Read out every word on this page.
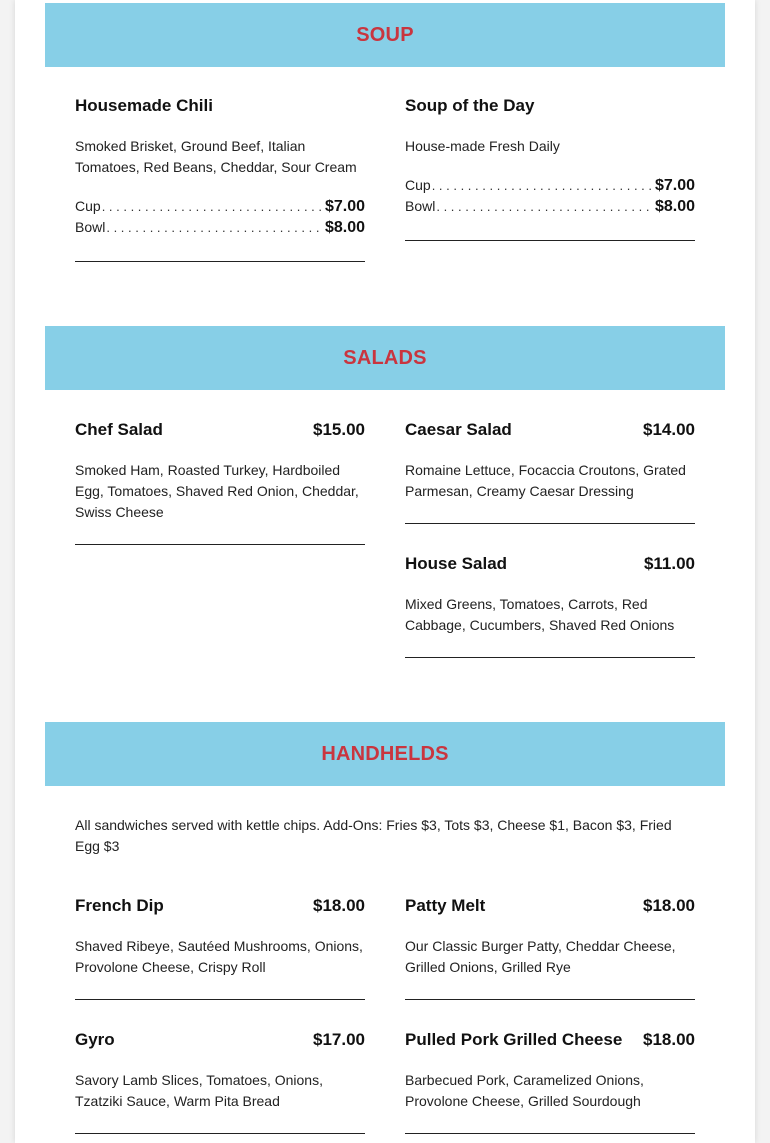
SOUP
Housemade Chili
Smoked Brisket, Ground Beef, Italian Tomatoes, Red Beans, Cheddar, Sour Cream
Cup . . .	$7.00
Bowl . . .	$8.00
Soup of the Day
House-made Fresh Daily
Cup . . .	$7.00
Bowl . . .	$8.00
SALADS
Chef Salad	$15.00
Smoked Ham, Roasted Turkey, Hardboiled Egg, Tomatoes, Shaved Red Onion, Cheddar, Swiss Cheese
Caesar Salad	$14.00
Romaine Lettuce, Focaccia Croutons, Grated Parmesan, Creamy Caesar Dressing
House Salad	$11.00
Mixed Greens, Tomatoes, Carrots, Red Cabbage, Cucumbers, Shaved Red Onions
HANDHELDS
All sandwiches served with kettle chips. Add-Ons: Fries $3, Tots $3, Cheese $1, Bacon $3, Fried Egg $3
French Dip	$18.00
Shaved Ribeye, Sautéed Mushrooms, Onions, Provolone Cheese, Crispy Roll
Patty Melt	$18.00
Our Classic Burger Patty, Cheddar Cheese, Grilled Onions, Grilled Rye
Gyro	$17.00
Savory Lamb Slices, Tomatoes, Onions, Tzatziki Sauce, Warm Pita Bread
Pulled Pork Grilled Cheese $18.00
Barbecued Pork, Caramelized Onions, Provolone Cheese, Grilled Sourdough
